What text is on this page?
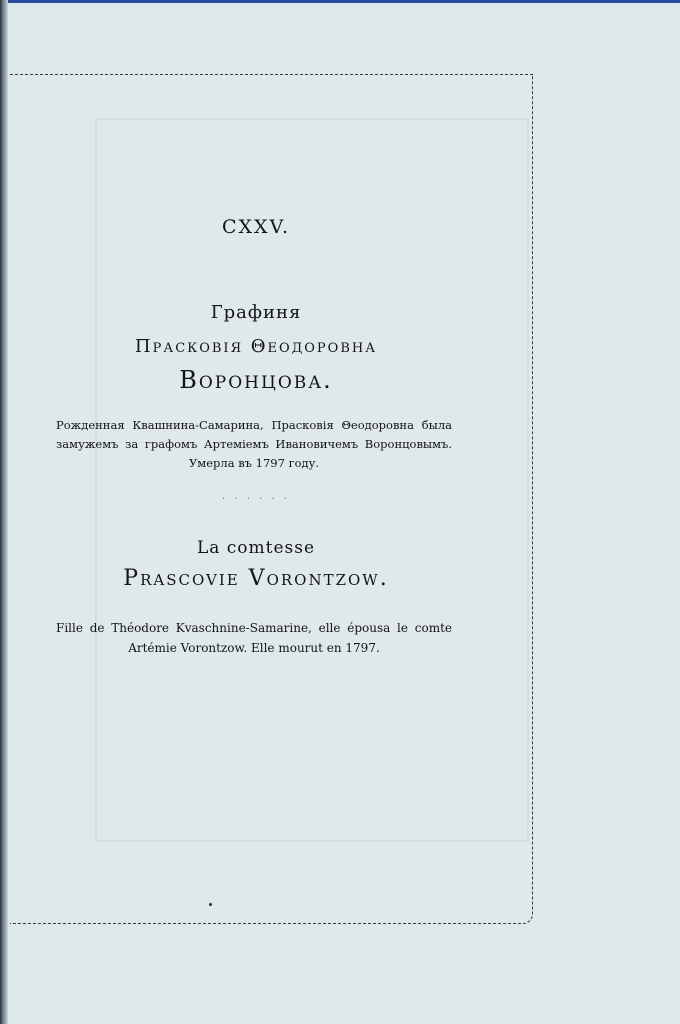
CXXV.
Графиня
Прасковія Θеодоровна
Воронцова.
Рожденная Квашнина-Самарина, Прасковія Θеодоровна была замужемъ за графомъ Артеміемъ Ивановичемъ Воронцовымъ. Умерла въ 1797 году.
· · · · · ·
La comtesse
Prascovie Vorontzow.
Fille de Théodore Kvaschnine-Samarine, elle épousa le comte Artémie Vorontzow. Elle mourut en 1797.
